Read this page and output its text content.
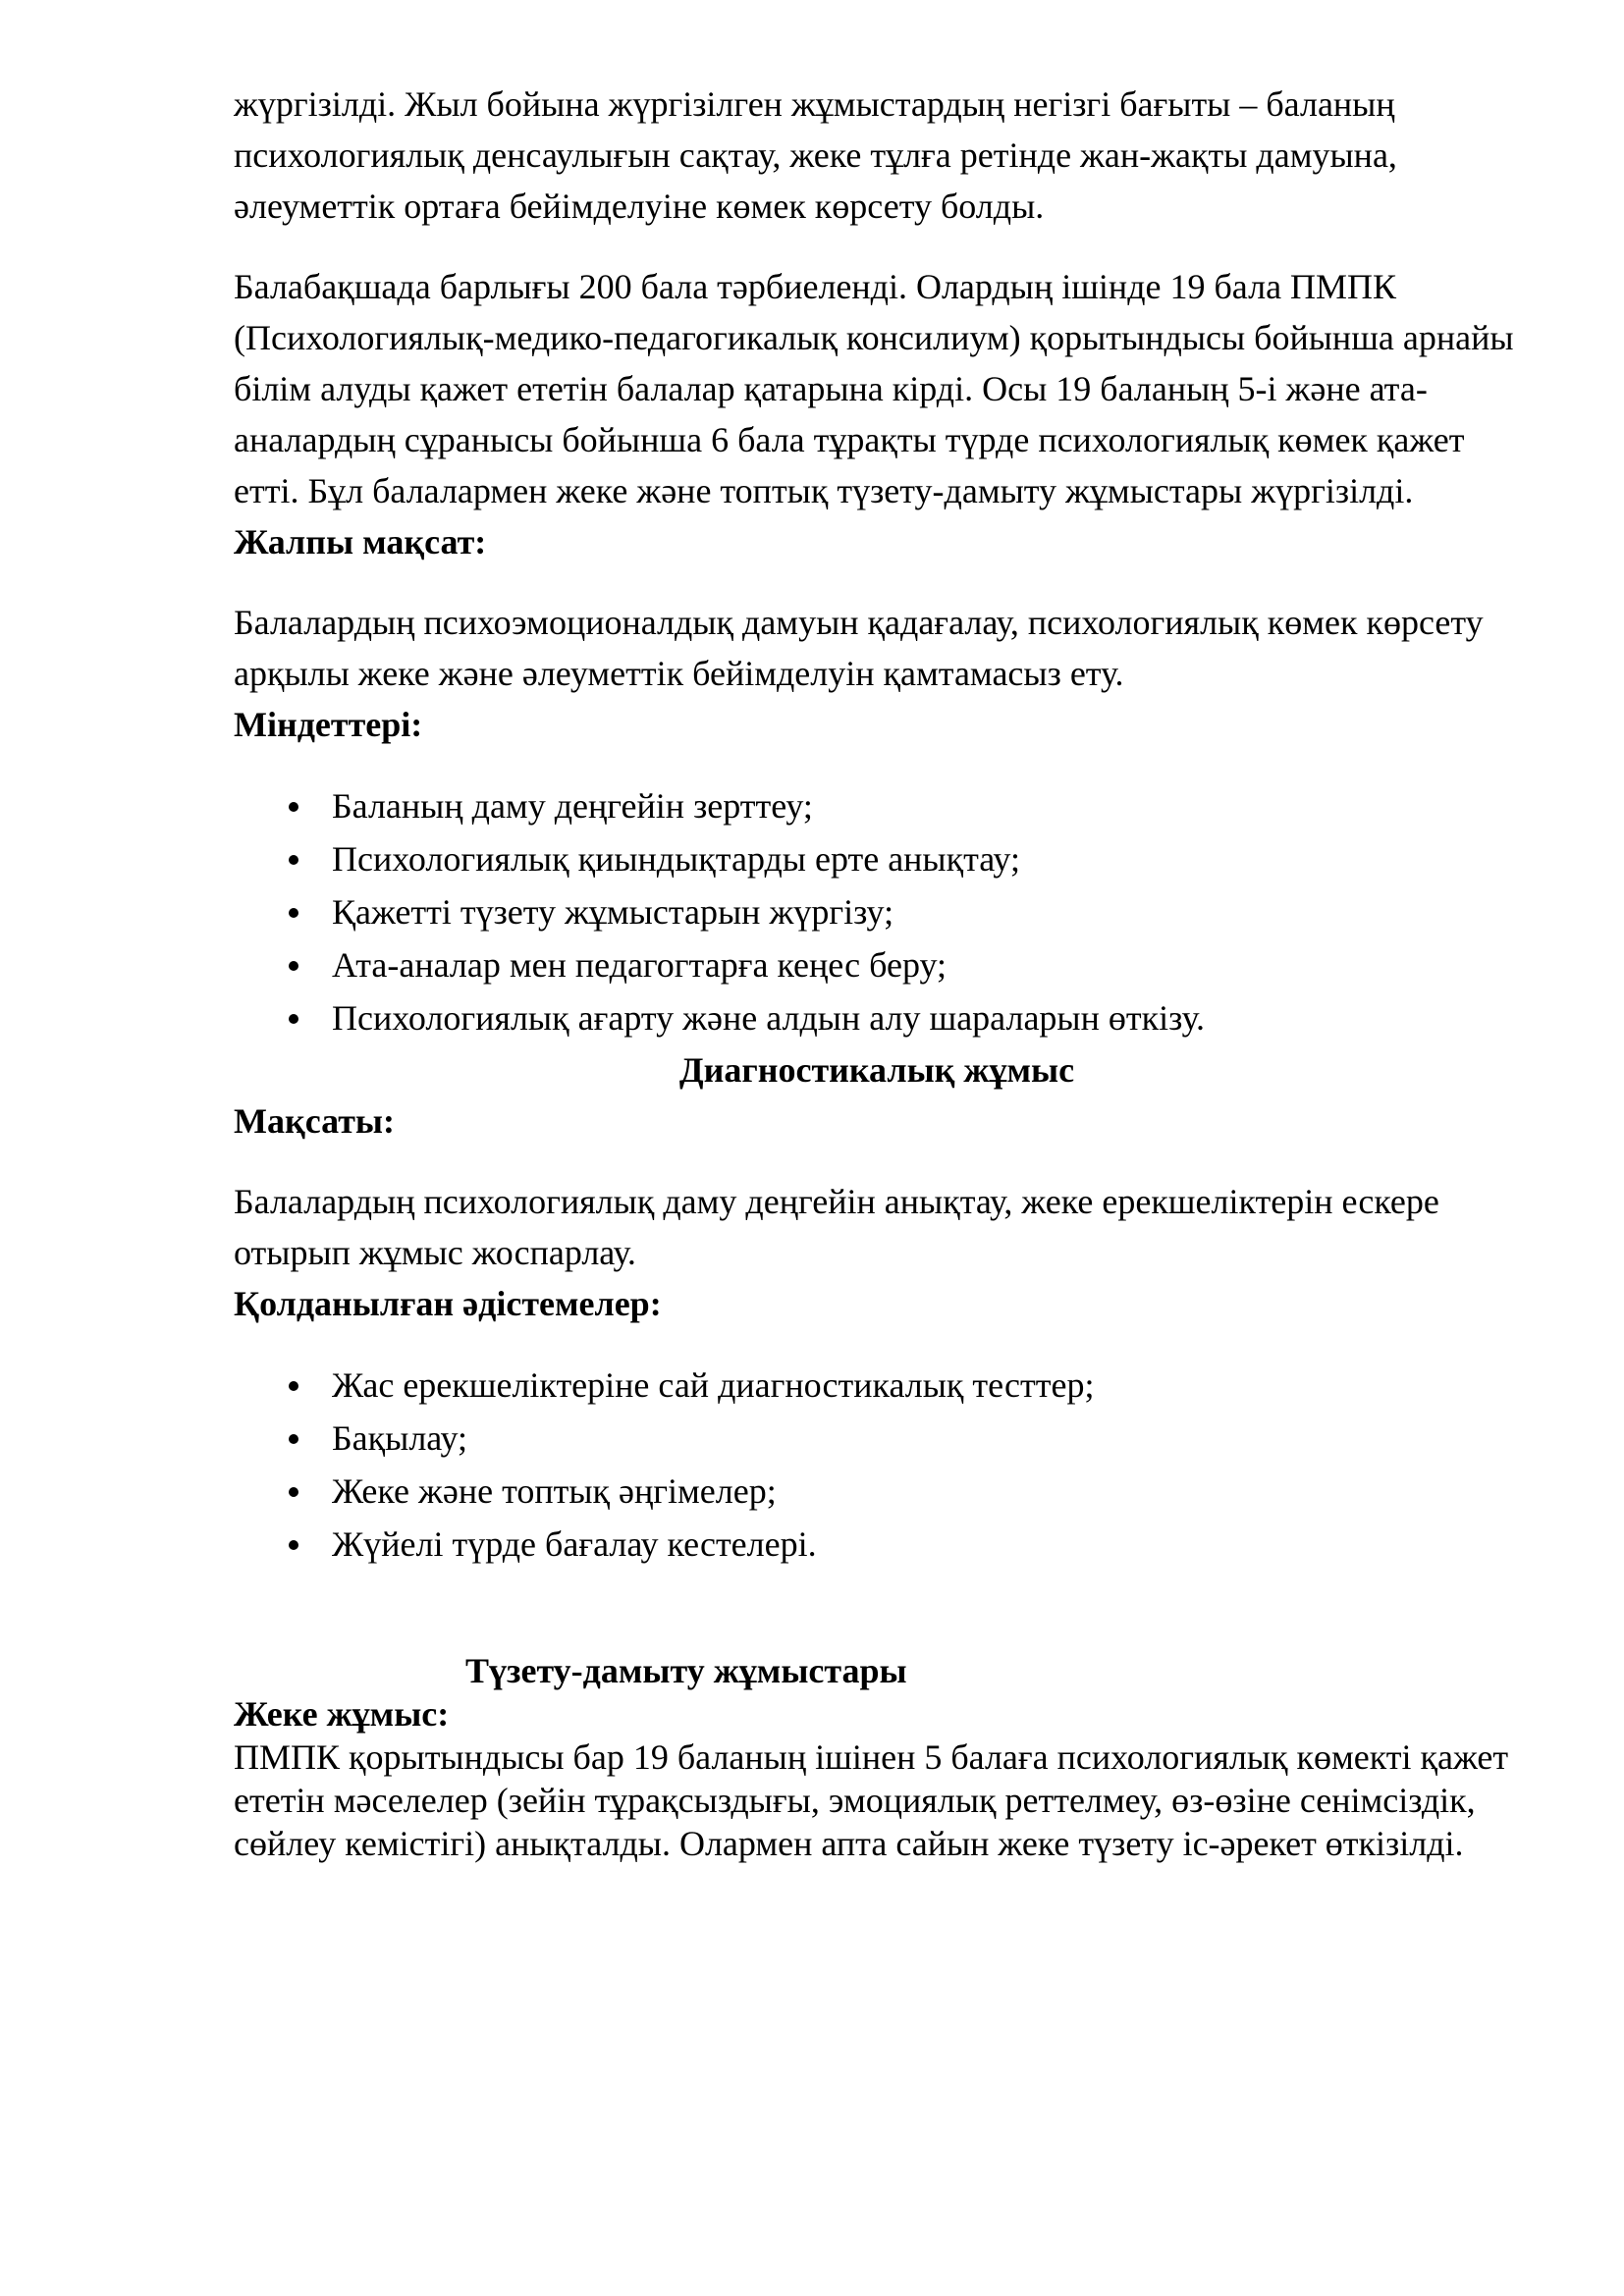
жүргізілді. Жыл бойына жүргізілген жұмыстардың негізгі бағыты – баланың психологиялық денсаулығын сақтау, жеке тұлға ретінде жан-жақты дамуына, әлеуметтік ортаға бейімделуіне көмек көрсету болды.

Балабақшада барлығы 200 бала тәрбиеленді. Олардың ішінде 19 бала ПМПК (Психологиялық-медико-педагогикалық консилиум) қорытындысы бойынша арнайы білім алуды қажет ететін балалар қатарына кірді. Осы 19 баланың 5-і және ата-аналардың сұранысы бойынша 6 бала тұрақты түрде психологиялық көмек қажет етті. Бұл балалармен жеке және топтық түзету-дамыту жұмыстары жүргізілді.

Жалпы мақсат:

Балалардың психоэмоционалдық дамуын қадағалау, психологиялық көмек көрсету арқылы жеке және әлеуметтік бейімделуін қамтамасыз ету.

Міндеттері:

Баланың даму деңгейін зерттеу;
Психологиялық қиындықтарды ерте анықтау;
Қажетті түзету жұмыстарын жүргізу;
Ата-аналар мен педагогтарға кеңес беру;
Психологиялық ағарту және алдын алу шараларын өткізу.

Диагностикалық жұмыс

Мақсаты:

Балалардың психологиялық даму деңгейін анықтау, жеке ерекшеліктерін ескере отырып жұмыс жоспарлау.

Қолданылған әдістемелер:

Жас ерекшеліктеріне сай диагностикалық тесттер;
Бақылау;
Жеке және топтық әңгімелер;
Жүйелі түрде бағалау кестелері.

Түзету-дамыту жұмыстары

Жеке жұмыс:

ПМПК қорытындысы бар 19 баланың ішінен 5 балаға психологиялық көмекті қажет ететін мәселелер (зейін тұрақсыздығы, эмоциялық реттелмеу, өз-өзіне сенімсіздік, сөйлеу кемістігі) анықталды. Олармен апта сайын жеке түзету іс-әрекет өткізілді.
